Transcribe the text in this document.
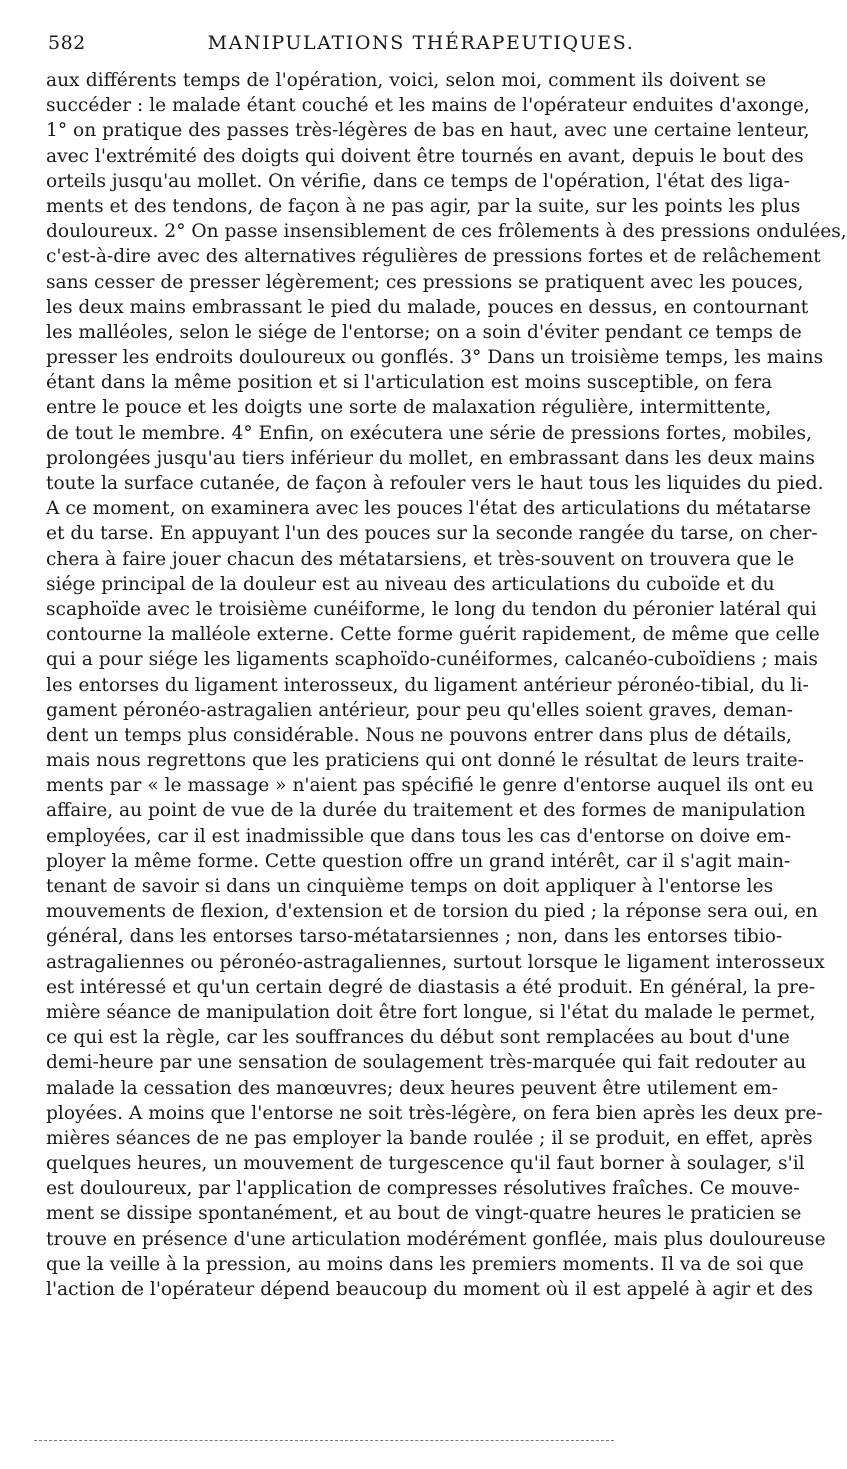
582	MANIPULATIONS THÉRAPEUTIQUES.
aux différents temps de l'opération, voici, selon moi, comment ils doivent se
succéder : le malade étant couché et les mains de l'opérateur enduites d'axonge,
1° on pratique des passes très-légères de bas en haut, avec une certaine lenteur,
avec l'extrémité des doigts qui doivent être tournés en avant, depuis le bout des
orteils jusqu'au mollet. On vérifie, dans ce temps de l'opération, l'état des liga-
ments et des tendons, de façon à ne pas agir, par la suite, sur les points les plus
douloureux. 2° On passe insensiblement de ces frôlements à des pressions ondulées,
c'est-à-dire avec des alternatives régulières de pressions fortes et de relâchement
sans cesser de presser légèrement; ces pressions se pratiquent avec les pouces,
les deux mains embrassant le pied du malade, pouces en dessus, en contournant
les malléoles, selon le siége de l'entorse; on a soin d'éviter pendant ce temps de
presser les endroits douloureux ou gonflés. 3° Dans un troisième temps, les mains
étant dans la même position et si l'articulation est moins susceptible, on fera
entre le pouce et les doigts une sorte de malaxation régulière, intermittente,
de tout le membre. 4° Enfin, on exécutera une série de pressions fortes, mobiles,
prolongées jusqu'au tiers inférieur du mollet, en embrassant dans les deux mains
toute la surface cutanée, de façon à refouler vers le haut tous les liquides du pied.
A ce moment, on examinera avec les pouces l'état des articulations du métatarse
et du tarse. En appuyant l'un des pouces sur la seconde rangée du tarse, on cher-
chera à faire jouer chacun des métatarsiens, et très-souvent on trouvera que le
siége principal de la douleur est au niveau des articulations du cuboïde et du
scaphoïde avec le troisième cunéiforme, le long du tendon du péronier latéral qui
contourne la malléole externe. Cette forme guérit rapidement, de même que celle
qui a pour siége les ligaments scaphoïdo-cunéiformes, calcanéo-cuboïdiens ; mais
les entorses du ligament interosseux, du ligament antérieur péronéo-tibial, du li-
gament péronéo-astragalien antérieur, pour peu qu'elles soient graves, deman-
dent un temps plus considérable. Nous ne pouvons entrer dans plus de détails,
mais nous regrettons que les praticiens qui ont donné le résultat de leurs traite-
ments par « le massage » n'aient pas spécifié le genre d'entorse auquel ils ont eu
affaire, au point de vue de la durée du traitement et des formes de manipulation
employées, car il est inadmissible que dans tous les cas d'entorse on doive em-
ployer la même forme. Cette question offre un grand intérêt, car il s'agit main-
tenant de savoir si dans un cinquième temps on doit appliquer à l'entorse les
mouvements de flexion, d'extension et de torsion du pied ; la réponse sera oui, en
général, dans les entorses tarso-métatarsiennes ; non, dans les entorses tibio-
astragaliennes ou péronéo-astragaliennes, surtout lorsque le ligament interosseux
est intéressé et qu'un certain degré de diastasis a été produit. En général, la pre-
mière séance de manipulation doit être fort longue, si l'état du malade le permet,
ce qui est la règle, car les souffrances du début sont remplacées au bout d'une
demi-heure par une sensation de soulagement très-marquée qui fait redouter au
malade la cessation des manœuvres; deux heures peuvent être utilement em-
ployées. A moins que l'entorse ne soit très-légère, on fera bien après les deux pre-
mières séances de ne pas employer la bande roulée ; il se produit, en effet, après
quelques heures, un mouvement de turgescence qu'il faut borner à soulager, s'il
est douloureux, par l'application de compresses résolutives fraîches. Ce mouve-
ment se dissipe spontanément, et au bout de vingt-quatre heures le praticien se
trouve en présence d'une articulation modérément gonflée, mais plus douloureuse
que la veille à la pression, au moins dans les premiers moments. Il va de soi que
l'action de l'opérateur dépend beaucoup du moment où il est appelé à agir et des
